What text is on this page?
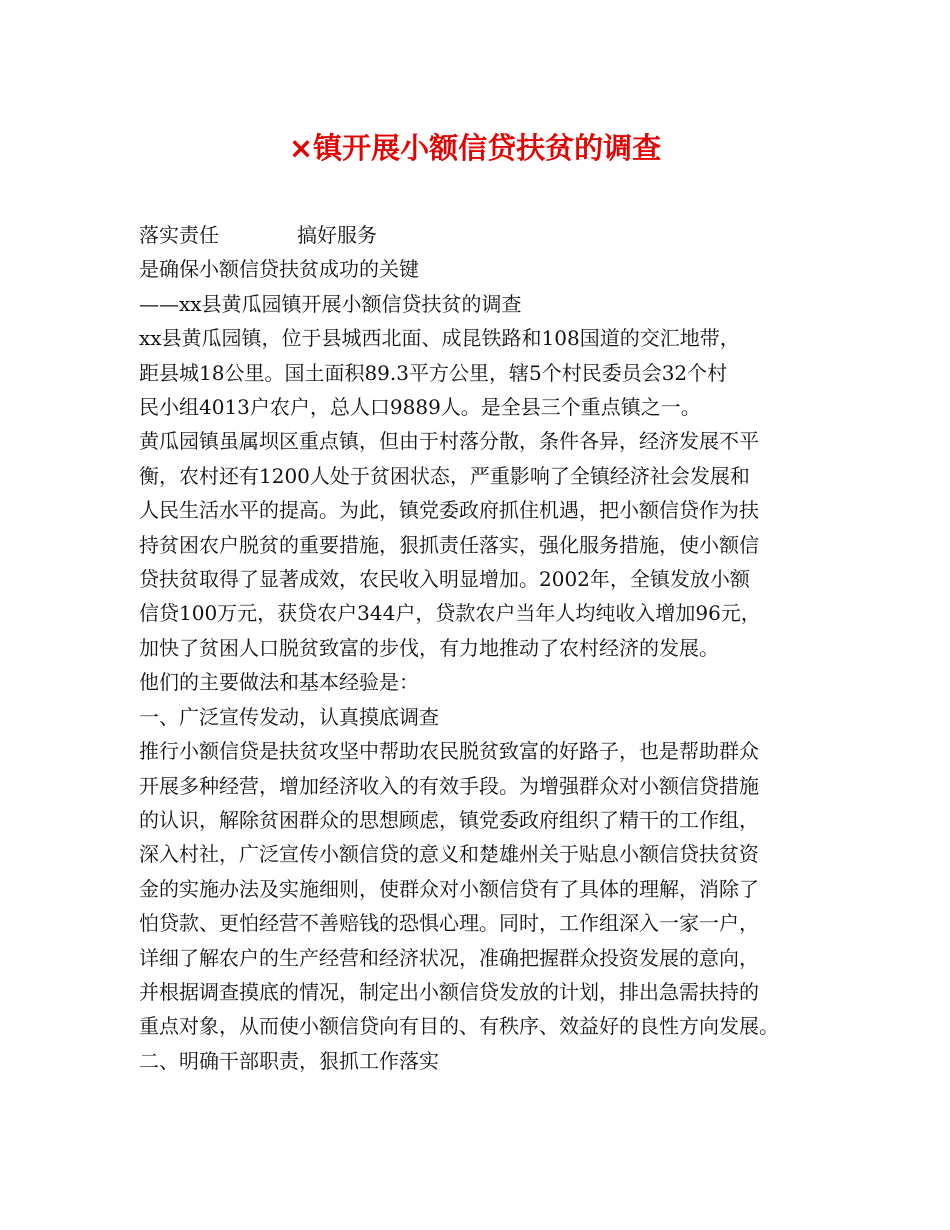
×镇开展小额信贷扶贫的调查
落实责任	搞好服务
是确保小额信贷扶贫成功的关键
——xx县黄瓜园镇开展小额信贷扶贫的调查
xx县黄瓜园镇，位于县城西北面、成昆铁路和108国道的交汇地带，
距县城18公里。国土面积89.3平方公里，辖5个村民委员会32个村
民小组4013户农户，总人口9889人。是全县三个重点镇之一。
黄瓜园镇虽属坝区重点镇，但由于村落分散，条件各异，经济发展不平
衡，农村还有1200人处于贫困状态，严重影响了全镇经济社会发展和
人民生活水平的提高。为此，镇党委政府抓住机遇，把小额信贷作为扶
持贫困农户脱贫的重要措施，狠抓责任落实，强化服务措施，使小额信
贷扶贫取得了显著成效，农民收入明显增加。2002年，全镇发放小额
信贷100万元，获贷农户344户，贷款农户当年人均纯收入增加96元，
加快了贫困人口脱贫致富的步伐，有力地推动了农村经济的发展。
他们的主要做法和基本经验是：
一、广泛宣传发动，认真摸底调查
推行小额信贷是扶贫攻坚中帮助农民脱贫致富的好路子，也是帮助群众
开展多种经营，增加经济收入的有效手段。为增强群众对小额信贷措施
的认识，解除贫困群众的思想顾虑，镇党委政府组织了精干的工作组，
深入村社，广泛宣传小额信贷的意义和楚雄州关于贴息小额信贷扶贫资
金的实施办法及实施细则，使群众对小额信贷有了具体的理解，消除了
怕贷款、更怕经营不善赔钱的恐惧心理。同时，工作组深入一家一户，
详细了解农户的生产经营和经济状况，准确把握群众投资发展的意向，
并根据调查摸底的情况，制定出小额信贷发放的计划，排出急需扶持的
重点对象，从而使小额信贷向有目的、有秩序、效益好的良性方向发展。
二、明确干部职责，狠抓工作落实
